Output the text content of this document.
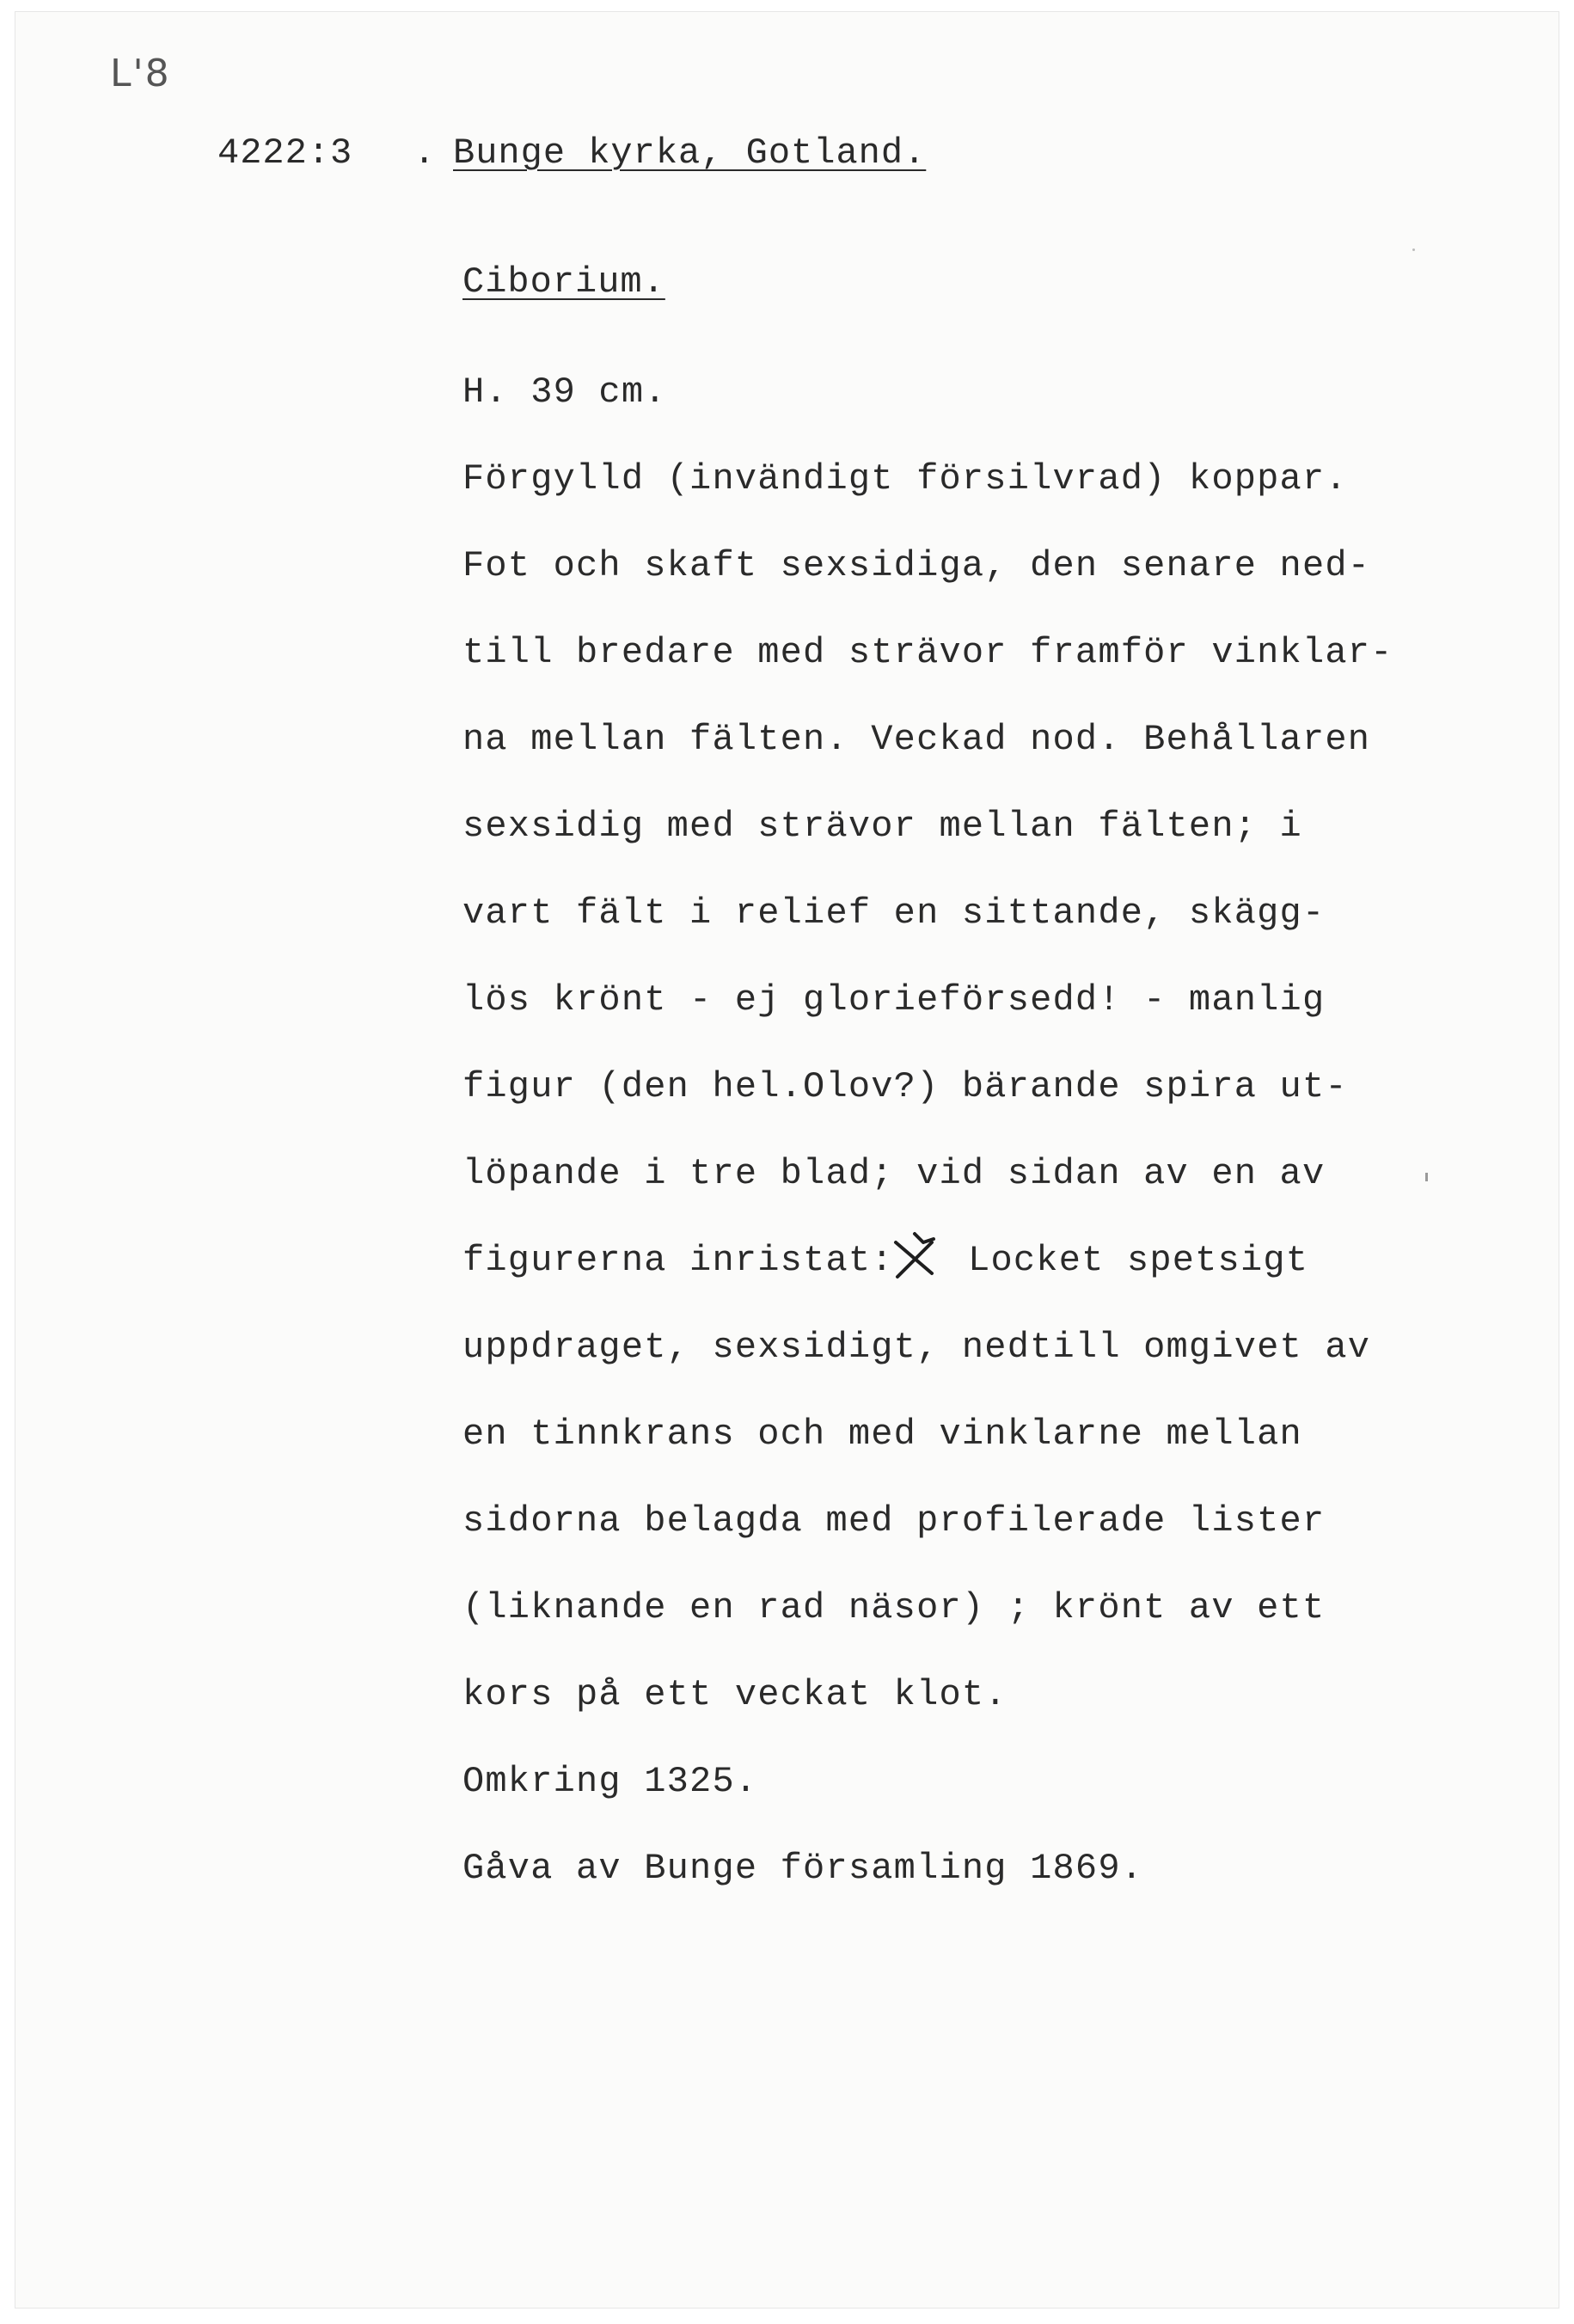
L'8
4222:3 . Bunge kyrka, Gotland.
Ciborium.
H. 39 cm.
Förgylld (invändigt försilvrad) koppar.
Fot och skaft sexsidiga, den senare ned-
till bredare med strävor framför vinklar-
na mellan fälten. Veckad nod. Behållaren
sexsidig med strävor mellan fälten; i
vart fält i relief en sittande, skägg-
lös krönt - ej glorieförsedd! - manlig
figur (den hel.Olov?) bärande spira ut-
löpande i tre blad; vid sidan av en av
figurerna inristat: Locket spetsigt
uppdraget, sexsidigt, nedtill omgivet av
en tinnkrans och med vinklarne mellan
sidorna belagda med profilerade lister
(liknande en rad näsor) ; krönt av ett
kors på ett veckat klot.
Omkring 1325.
Gåva av Bunge församling 1869.
